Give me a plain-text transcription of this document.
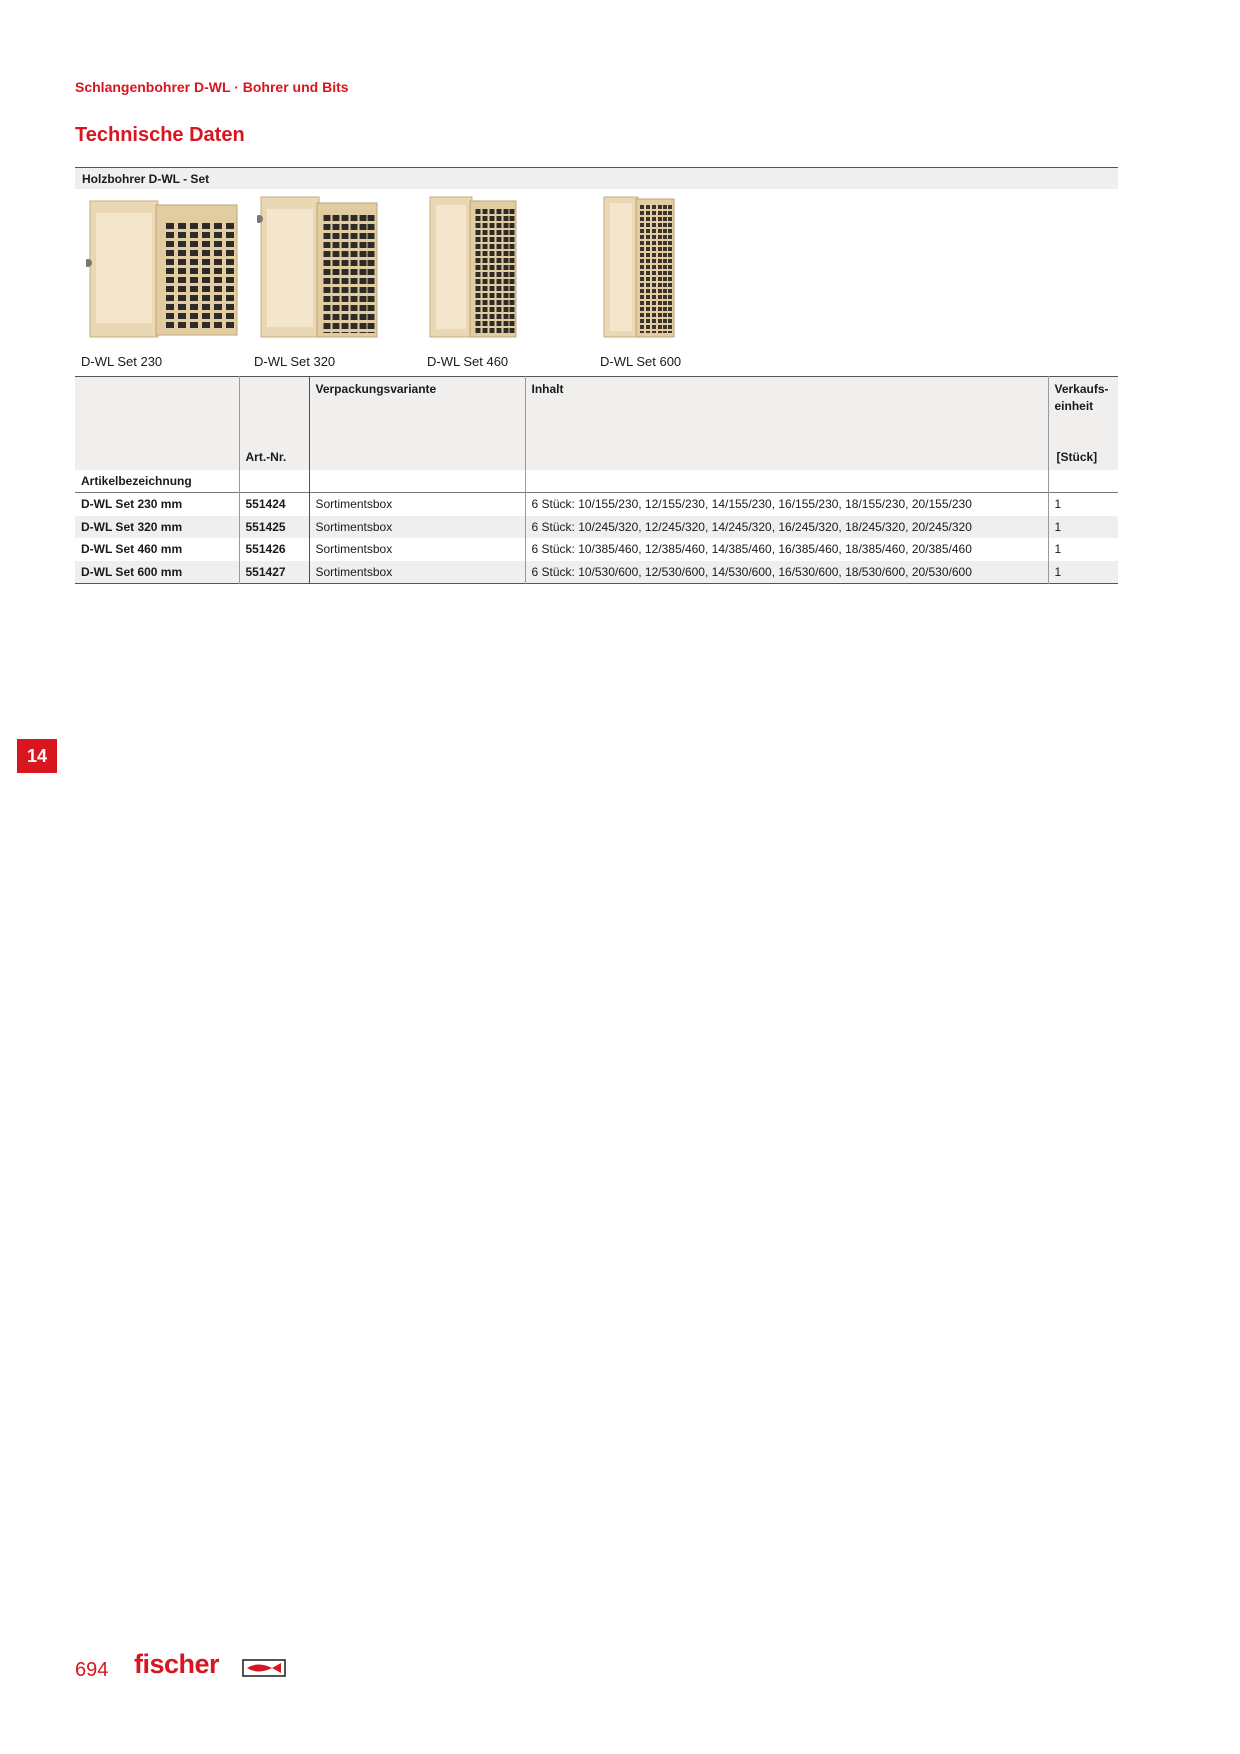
Schlangenbohrer D-WL · Bohrer und Bits
Technische Daten
Holzbohrer D-WL - Set
D-WL Set 230	D-WL Set 320	D-WL Set 460	D-WL Set 600
	Art.-Nr.	Verpackungsvariante	Inhalt	Verkaufs-
einheit
[Stück]

Artikelbezeichnung				
D-WL Set 230 mm	551424	Sortimentsbox	6 Stück: 10/155/230, 12/155/230, 14/155/230, 16/155/230, 18/155/230, 20/155/230	1
D-WL Set 320 mm	551425	Sortimentsbox	6 Stück: 10/245/320, 12/245/320, 14/245/320, 16/245/320, 18/245/320, 20/245/320	1
D-WL Set 460 mm	551426	Sortimentsbox	6 Stück: 10/385/460, 12/385/460, 14/385/460, 16/385/460, 18/385/460, 20/385/460	1
D-WL Set 600 mm	551427	Sortimentsbox	6 Stück: 10/530/600, 12/530/600, 14/530/600, 16/530/600, 18/530/600, 20/530/600	1
14
694 fischer
